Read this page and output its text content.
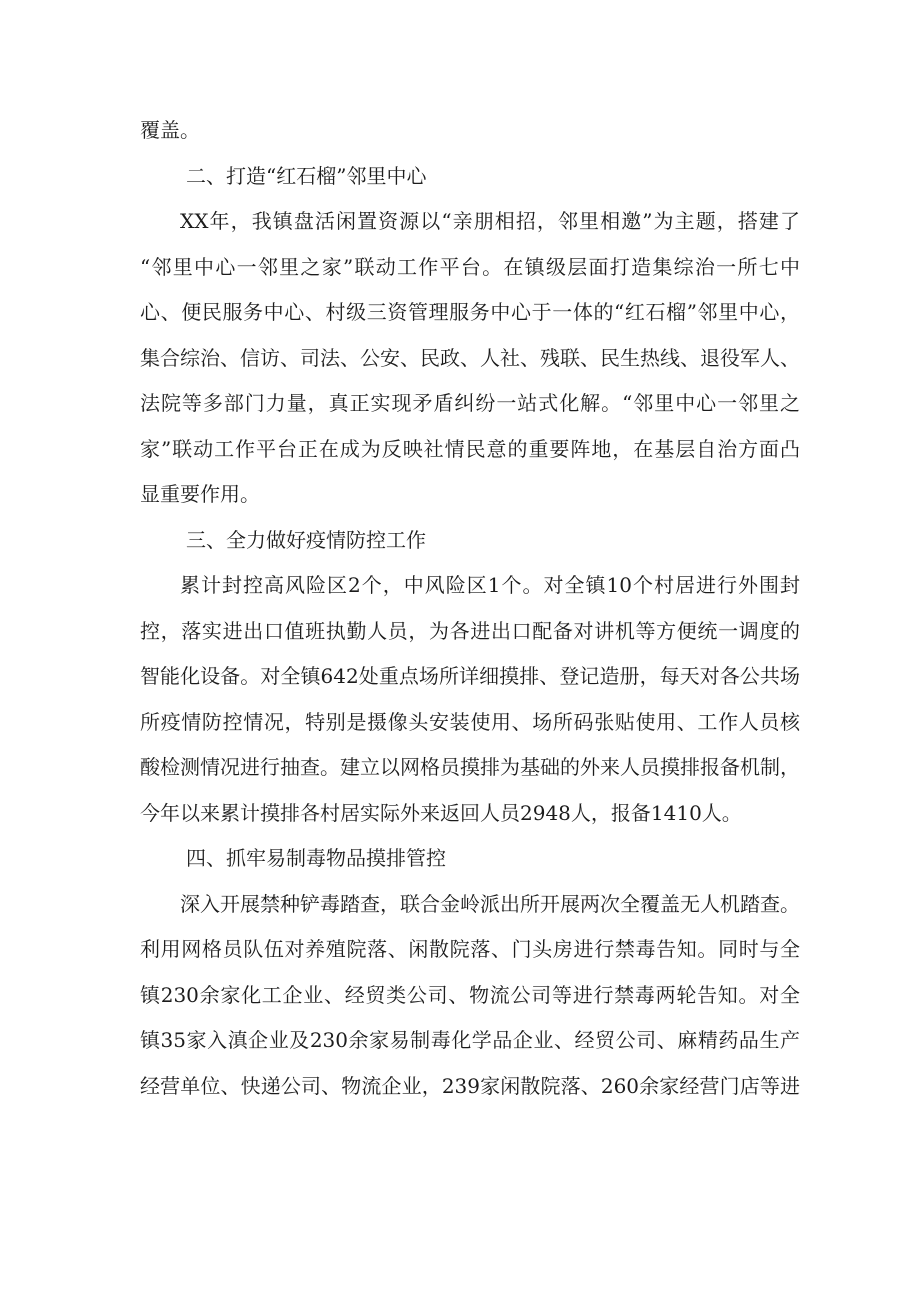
覆盖。

二、打造“红石榴”邻里中心

XX年，我镇盘活闲置资源以“亲朋相招，邻里相邀”为主题，搭建了

“邻里中心一邻里之家”联动工作平台。在镇级层面打造集综治一所七中

心、便民服务中心、村级三资管理服务中心于一体的“红石榴”邻里中心，

集合综治、信访、司法、公安、民政、人社、残联、民生热线、退役军人、

法院等多部门力量，真正实现矛盾纠纷一站式化解。“邻里中心一邻里之

家”联动工作平台正在成为反映社情民意的重要阵地，在基层自治方面凸

显重要作用。

三、全力做好疫情防控工作

累计封控高风险区2个，中风险区1个。对全镇10个村居进行外围封

控，落实进出口值班执勤人员，为各进出口配备对讲机等方便统一调度的

智能化设备。对全镇642处重点场所详细摸排、登记造册，每天对各公共场

所疫情防控情况，特别是摄像头安装使用、场所码张贴使用、工作人员核

酸检测情况进行抽查。建立以网格员摸排为基础的外来人员摸排报备机制，

今年以来累计摸排各村居实际外来返回人员2948人，报备1410人。

四、抓牢易制毒物品摸排管控

深入开展禁种铲毒踏查，联合金岭派出所开展两次全覆盖无人机踏查。

利用网格员队伍对养殖院落、闲散院落、门头房进行禁毒告知。同时与全

镇230余家化工企业、经贸类公司、物流公司等进行禁毒两轮告知。对全

镇35家入滇企业及230余家易制毒化学品企业、经贸公司、麻精药品生产

经营单位、快递公司、物流企业，239家闲散院落、260余家经营门店等进
